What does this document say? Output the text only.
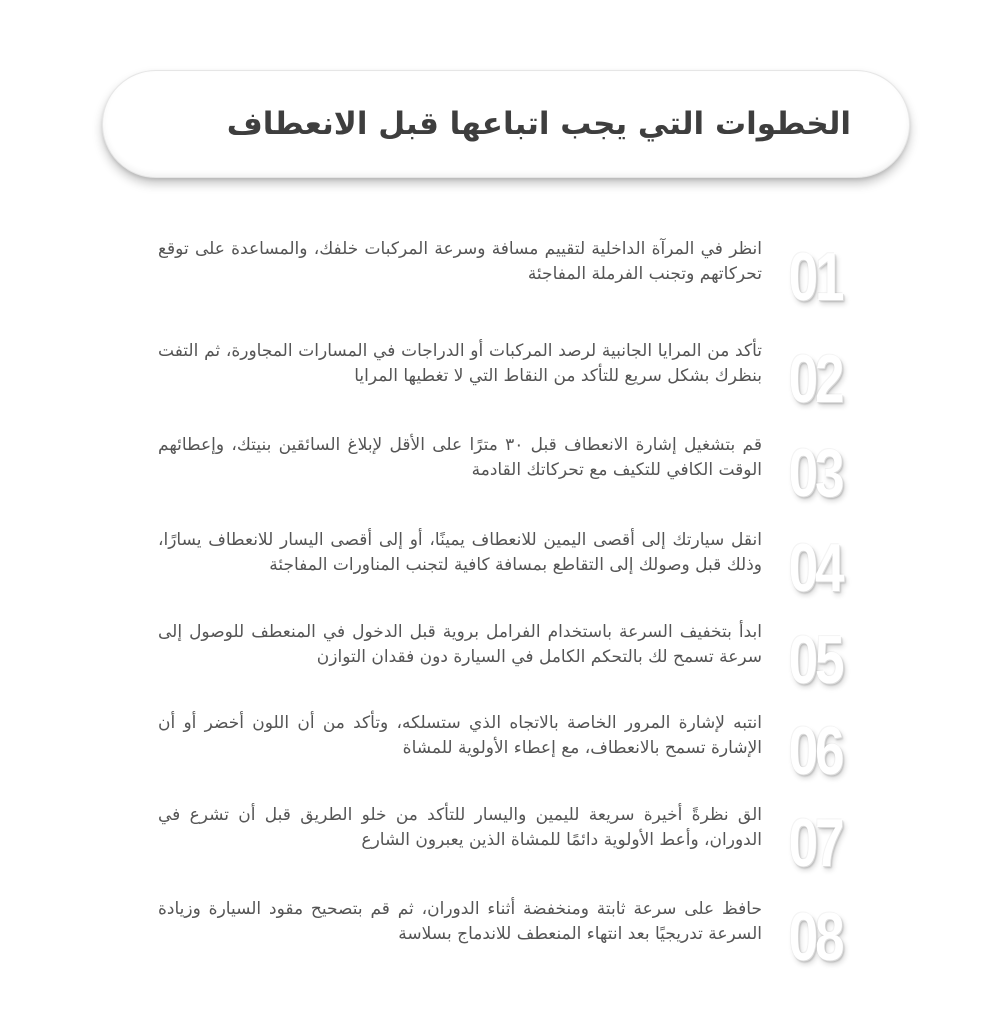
الخطوات التي يجب اتباعها قبل الانعطاف
انظر في المرآة الداخلية لتقييم مسافة وسرعة المركبات خلفك، والمساعدة على توقع تحركاتهم وتجنب الفرملة المفاجئة 01
تأكد من المرايا الجانبية لرصد المركبات أو الدراجات في المسارات المجاورة، ثم التفت بنظرك بشكل سريع للتأكد من النقاط التي لا تغطيها المرايا 02
قم بتشغيل إشارة الانعطاف قبل ٣٠ مترًا على الأقل لإبلاغ السائقين بنيتك، وإعطائهم الوقت الكافي للتكيف مع تحركاتك القادمة 03
انقل سيارتك إلى أقصى اليمين للانعطاف يمينًا، أو إلى أقصى اليسار للانعطاف يسارًا، وذلك قبل وصولك إلى التقاطع بمسافة كافية لتجنب المناورات المفاجئة 04
ابدأ بتخفيف السرعة باستخدام الفرامل بروية قبل الدخول في المنعطف للوصول إلى سرعة تسمح لك بالتحكم الكامل في السيارة دون فقدان التوازن 05
انتبه لإشارة المرور الخاصة بالاتجاه الذي ستسلكه، وتأكد من أن اللون أخضر أو أن الإشارة تسمح بالانعطاف، مع إعطاء الأولوية للمشاة 06
الق نظرةً أخيرة سريعة لليمين واليسار للتأكد من خلو الطريق قبل أن تشرع في الدوران، وأعط الأولوية دائمًا للمشاة الذين يعبرون الشارع 07
حافظ على سرعة ثابتة ومنخفضة أثناء الدوران، ثم قم بتصحيح مقود السيارة وزيادة السرعة تدريجيًا بعد انتهاء المنعطف للاندماج بسلاسة 08
